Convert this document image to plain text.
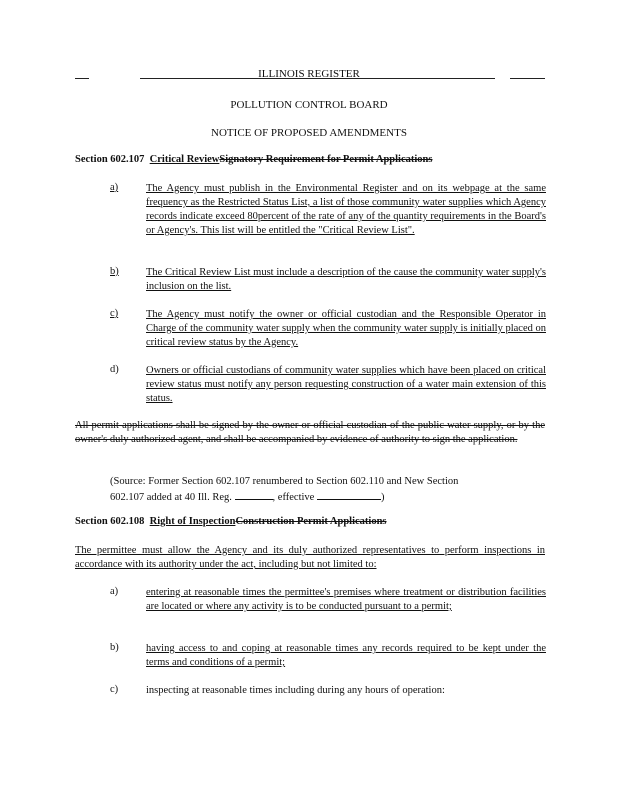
ILLINOIS REGISTER
POLLUTION CONTROL BOARD
NOTICE OF PROPOSED AMENDMENTS
Section 602.107 Critical ReviewSignatory Requirement for Permit Applications
a)	The Agency must publish in the Environmental Register and on its webpage at the same frequency as the Restricted Status List, a list of those community water supplies which Agency records indicate exceed 80percent of the rate of any of the quantity requirements in the Board's or Agency's. This list will be entitled the "Critical Review List".
b)	The Critical Review List must include a description of the cause the community water supply's inclusion on the list.
c)	The Agency must notify the owner or official custodian and the Responsible Operator in Charge of the community water supply when the community water supply is initially placed on critical review status by the Agency.
d)	Owners or official custodians of community water supplies which have been placed on critical review status must notify any person requesting construction of a water main extension of this status.
All permit applications shall be signed by the owner or official custodian of the public water supply, or by the owner's duly authorized agent, and shall be accompanied by evidence of authority to sign the application.
(Source: Former Section 602.107 renumbered to Section 602.110 and New Section
602.107 added at 40 Ill. Reg.	, effective	)
Section 602.108 Right of InspectionConstruction Permit Applications
The permittee must allow the Agency and its duly authorized representatives to perform inspections in accordance with its authority under the act, including but not limited to:
a)	entering at reasonable times the permittee's premises where treatment or distribution facilities are located or where any activity is to be conducted pursuant to a permit;
b)	having access to and coping at reasonable times any records required to be kept under the terms and conditions of a permit;
c)	inspecting at reasonable times including during any hours of operation:
